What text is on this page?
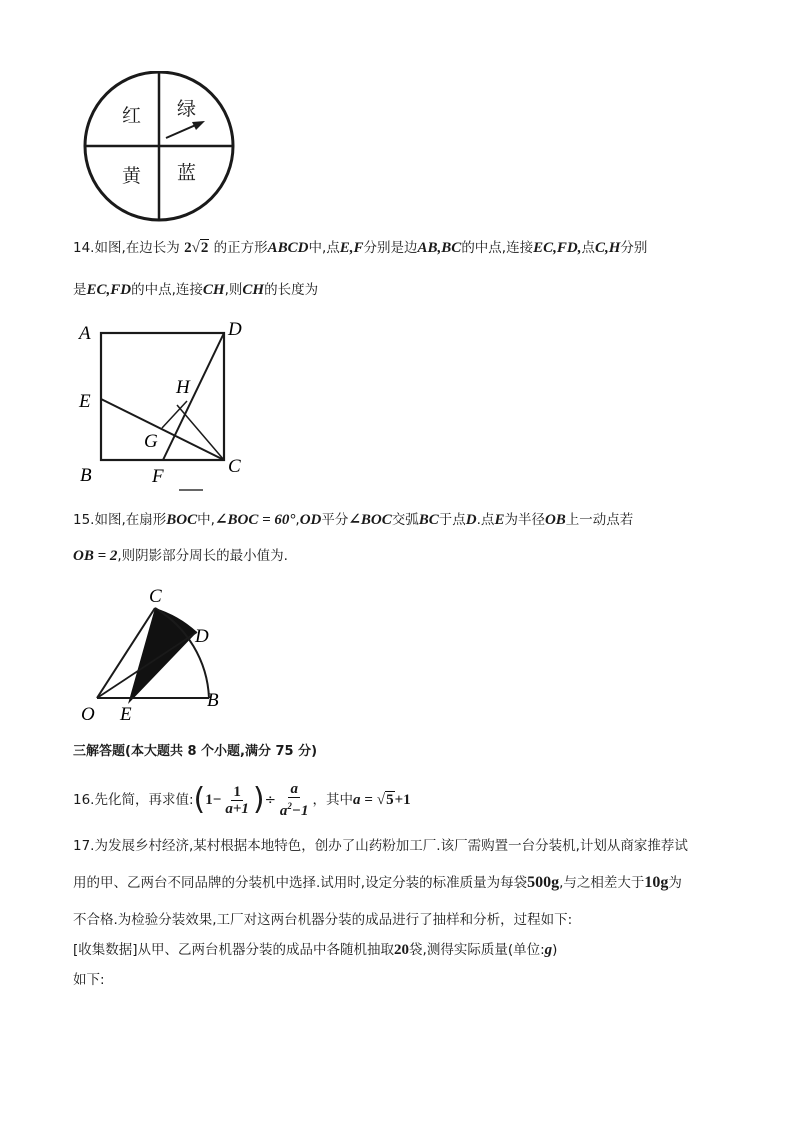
红 绿
黄 蓝
14.如图,在边长为 2√2 的正方形ABCD中,点E,F分别是边AB,BC的中点,连接EC,FD,点C,H分别
是EC,FD的中点,连接CH,则CH的长度为
A	D
E
H
G
B	F	C
15.如图,在扇形BOC中,∠BOC = 60°,OD平分∠BOC交弧BC于点D.点E为半径OB上一动点若
OB = 2,则阴影部分周长的最小值为.
C
D
O E
B
三解答题(本大题共 8 个小题,满分 75 分)
16. 先化简，再求值: ( $1 - \frac{1}{a+1}$ ) ÷ $\frac{a}{a^2-1}$ ，其中 a = √5 +1
17.为发展乡村经济,某村根据本地特色，创办了山药粉加工厂.该厂需购置一台分装机,计划从商家推荐试
用的甲、乙两台不同品牌的分装机中选择.试用时,设定分装的标准质量为每袋500g,与之相差大于10g为
不合格.为检验分装效果,工厂对这两台机器分装的成品进行了抽样和分析，过程如下:
[收集数据]从甲、乙两台机器分装的成品中各随机抽取20袋,测得实际质量(单位:g)
如下:
